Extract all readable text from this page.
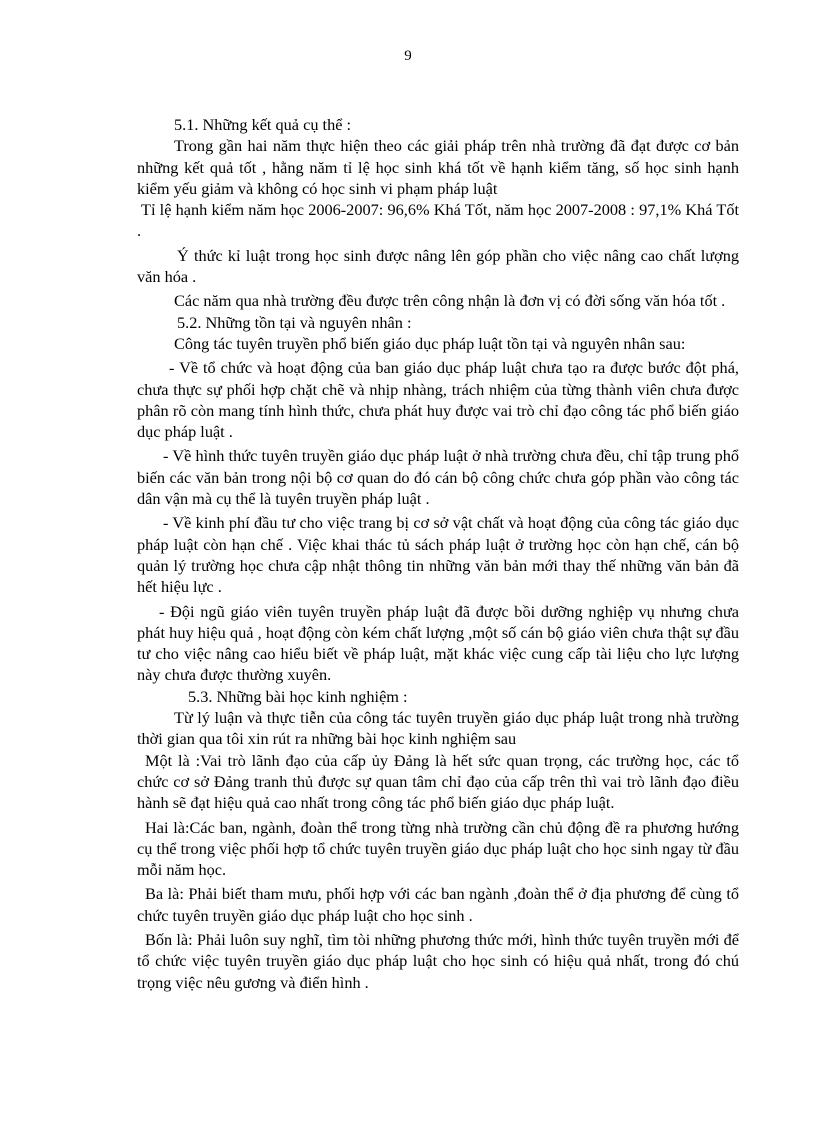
9

5.1. Những kết quả cụ thể :

Trong gần hai năm thực hiện theo các giải pháp trên nhà trường đã đạt được cơ bản những kết quả tốt , hằng năm tỉ lệ học sinh khá tốt về hạnh kiểm tăng, số học sinh hạnh kiểm yếu giảm và không có học sinh vi phạm pháp luật

Tỉ lệ hạnh kiểm năm học 2006-2007: 96,6% Khá Tốt, năm học 2007-2008 : 97,1% Khá Tốt .

Ý thức kỉ luật trong học sinh được nâng lên góp phần cho việc nâng cao chất lượng văn hóa .

Các năm qua nhà trường đều được trên công nhận là đơn vị có đời sống văn hóa tốt .

5.2. Những tồn tại và nguyên nhân :

Công tác tuyên truyền phổ biến giáo dục pháp luật tồn tại và nguyên nhân sau:

- Về tổ chức và hoạt động của ban giáo dục pháp luật chưa tạo ra được bước đột phá, chưa thực sự phối hợp chặt chẽ và nhịp nhàng, trách nhiệm của từng thành viên chưa được phân rõ còn mang tính hình thức, chưa phát huy được vai trò chỉ đạo công tác phổ biến giáo dục pháp luật .

- Về hình thức tuyên truyền giáo dục pháp luật ở nhà trường chưa đều, chỉ tập trung phổ biến các văn bản trong nội bộ cơ quan do đó cán bộ công chức chưa góp phần vào công tác dân vận mà cụ thể là tuyên truyền pháp luật .

- Về kinh phí đầu tư cho việc trang bị cơ sở vật chất và hoạt động của công tác giáo dục pháp luật còn hạn chế . Việc khai thác tủ sách pháp luật ở trường học còn hạn chế, cán bộ quản lý trường học chưa cập nhật thông tin những văn bản mới thay thế những văn bản đã hết hiệu lực .

- Đội ngũ giáo viên tuyên truyền pháp luật đã được bồi dưỡng nghiệp vụ nhưng chưa phát huy hiệu quả , hoạt động còn kém chất lượng ,một số cán bộ giáo viên chưa thật sự đầu tư cho việc nâng cao hiểu biết về pháp luật, mặt khác việc cung cấp tài liệu cho lực lượng này chưa được thường xuyên.

5.3. Những bài học kinh nghiệm :

Từ lý luận và thực tiễn của công tác tuyên truyền giáo dục pháp luật trong nhà trường thời gian qua tôi xin rút ra những bài học kinh nghiệm sau

Một là :Vai trò lãnh đạo của cấp ủy Đảng là hết sức quan trọng, các trường học, các tổ chức cơ sở Đảng tranh thủ được sự quan tâm chỉ đạo của cấp trên thì vai trò lãnh đạo điều hành sẽ đạt hiệu quả cao nhất trong công tác phổ biến giáo dục pháp luật.

Hai là:Các ban, ngành, đoàn thể trong từng nhà trường cần chủ động đề ra phương hướng cụ thể trong việc phối hợp tổ chức tuyên truyền giáo dục pháp luật cho học sinh ngay từ đầu mỗi năm học.

Ba là: Phải biết tham mưu, phối hợp với các ban ngành ,đoàn thể ở địa phương để cùng tổ chức tuyên truyền giáo dục pháp luật cho học sinh .

Bốn là: Phải luôn suy nghĩ, tìm tòi những phương thức mới, hình thức tuyên truyền mới để tổ chức việc tuyên truyền giáo dục pháp luật cho học sinh có hiệu quả nhất, trong đó chú trọng việc nêu gương và điển hình .
